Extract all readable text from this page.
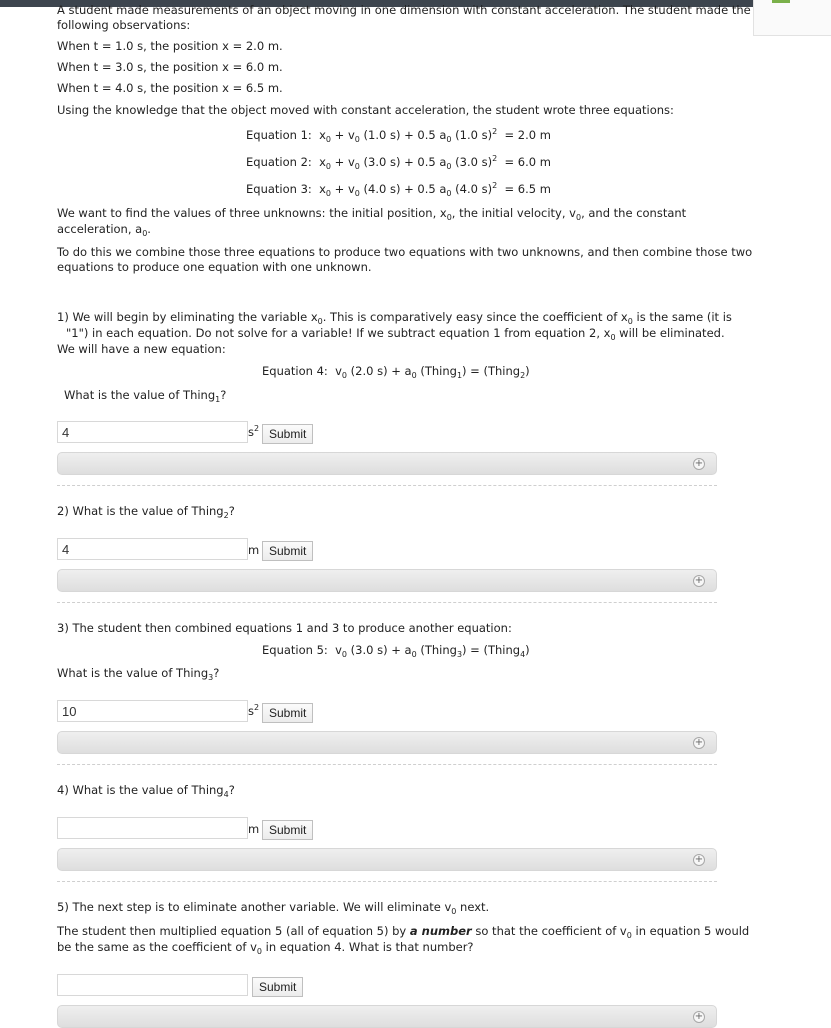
A student made measurements of an object moving in one dimension with constant acceleration. The student made the

following observations:

When t = 1.0 s, the position x = 2.0 m.

When t = 3.0 s, the position x = 6.0 m.

When t = 4.0 s, the position x = 6.5 m.

Using the knowledge that the object moved with constant acceleration, the student wrote three equations:

Equation 1:  $x_0 + v_0$ (1.0 s) + 0.5 $a_0$ (1.0 s)$^2$  = 2.0 m
Equation 2:  $x_0 + v_0$ (3.0 s) + 0.5 $a_0$ (3.0 s)$^2$  = 6.0 m
Equation 3:  $x_0 + v_0$ (4.0 s) + 0.5 $a_0$ (4.0 s)$^2$  = 6.5 m

We want to find the values of three unknowns: the initial position, $x_0$, the initial velocity, $v_0$, and the constant

acceleration, $a_0$.

To do this we combine those three equations to produce two equations with two unknowns, and then combine those two

equations to produce one equation with one unknown.

1) We will begin by eliminating the variable $x_0$. This is comparatively easy since the coefficient of $x_0$ is the same (it is

"1") in each equation. Do not solve for a variable! If we subtract equation 1 from equation 2, $x_0$ will be eliminated.

We will have a new equation:

Equation 4:  $v_0$ (2.0 $s) + a_0$ (Thing$_1$) = (Thing$_2$)

What is the value of Thing$_1$?

4
$s^2$ Submit
+

2) What is the value of Thing$_2$?

4
m Submit
+

3) The student then combined equations 1 and 3 to produce another equation:

Equation 5:  $v_0$ (3.0 $s) + a_0$ (Thing$_3$) = (Thing$_4$)

What is the value of Thing$_3$?

10
$s^2$ Submit
+

4) What is the value of Thing$_4$?

m Submit
+

5) The next step is to eliminate another variable. We will eliminate $v_0$ next.

The student then multiplied equation 5 (all of equation 5) by a number so that the coefficient of $v_0$ in equation 5 would

be the same as the coefficient of $v_0$ in equation 4. What is that number?

Submit
+
